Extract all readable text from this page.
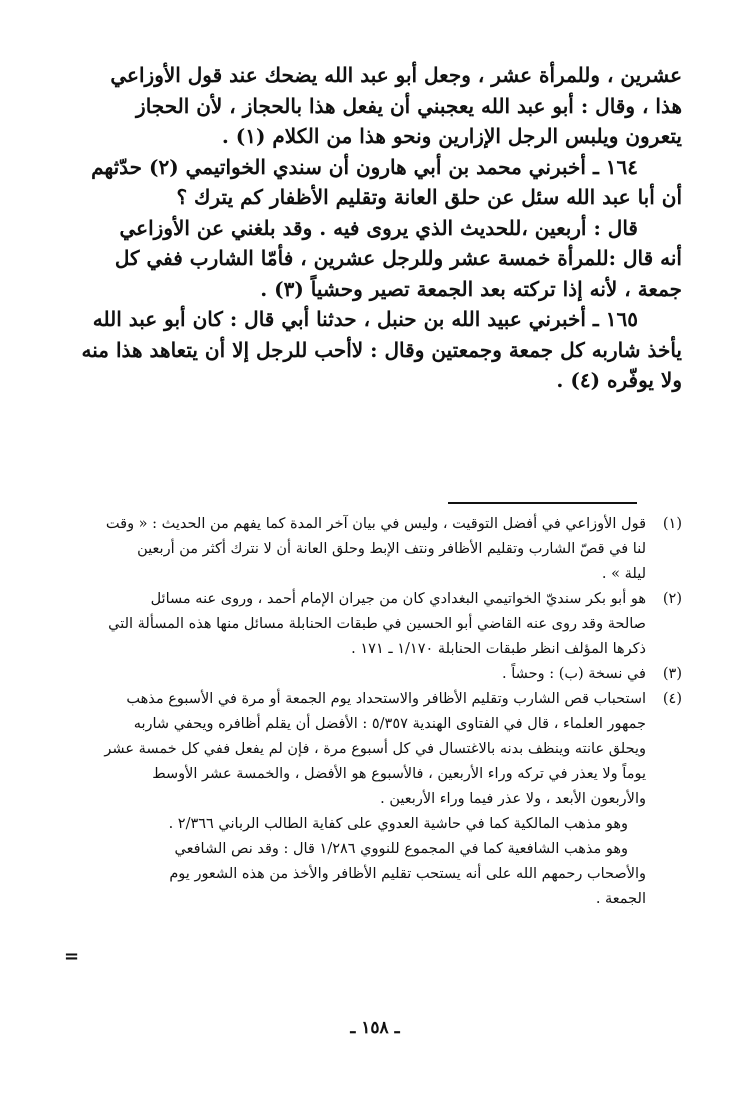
عشرين ، وللمرأة عشر ، وجعل أبو عبد الله يضحك عند قول الأوزاعي

هذا ، وقال : أبو عبد الله يعجبني أن يفعل هذا بالحجاز ، لأن الحجاز

يتعرون ويلبس الرجل الإزارين ونحو هذا من الكلام (١) .

١٦٤ ـ أخبرني محمد بن أبي هارون أن سندي الخواتيمي (٢) حدّثهم

أن أبا عبد الله سئل عن حلق العانة وتقليم الأظفار كم يترك ؟

قال : أربعين ،للحديث الذي يروى فيه . وقد بلغني عن الأوزاعي

أنه قال :للمرأة خمسة عشر وللرجل عشرين ، فأمّا الشارب ففي كل

جمعة ، لأنه إذا تركته بعد الجمعة تصير وحشياً (٣) .

١٦٥ ـ أخبرني عبيد الله بن حنبل ، حدثنا أبي قال : كان أبو عبد الله

يأخذ شاربه كل جمعة وجمعتين وقال : لاأحب للرجل إلا أن يتعاهد هذا منه

ولا يوفّره (٤) .

(١)
قول الأوزاعي في أفضل التوقيت ، وليس في بيان آخر المدة كما يفهم من الحديث : « وقت
لنا في قصّ الشارب وتقليم الأظافر ونتف الإبط وحلق العانة أن لا نترك أكثر من أربعين
ليلة » .
(٢)
هو أبو بكر سنديّ الخواتيمي البغدادي كان من جيران الإمام أحمد ، وروى عنه مسائل
صالحة وقد روى عنه القاضي أبو الحسين في طبقات الحنابلة مسائل منها هذه المسألة التي
ذكرها المؤلف انظر طبقات الحنابلة ١/١٧٠ ـ ١٧١ .
(٣)
في نسخة (ب) : وحشاً .
(٤)
استحباب قص الشارب وتقليم الأظافر والاستحداد يوم الجمعة أو مرة في الأسبوع مذهب
جمهور العلماء ، قال في الفتاوى الهندية ٥/٣٥٧ : الأفضل أن يقلم أظافره ويحفي شاربه
ويحلق عانته وينظف بدنه بالاغتسال في كل أسبوع مرة ، فإن لم يفعل ففي كل خمسة عشر
يوماً ولا يعذر في تركه وراء الأربعين ، فالأسبوع هو الأفضل ، والخمسة عشر الأوسط
والأربعون الأبعد ، ولا عذر فيما وراء الأربعين .

وهو مذهب المالكية كما في حاشية العدوي على كفاية الطالب الرباني ٢/٣٦٦ .

وهو مذهب الشافعية كما في المجموع للنووي ١/٢٨٦ قال : وقد نص الشافعي

والأصحاب رحمهم الله على أنه يستحب تقليم الأظافر والأخذ من هذه الشعور يوم

الجمعة .

=
ـ ١٥٨ ـ
